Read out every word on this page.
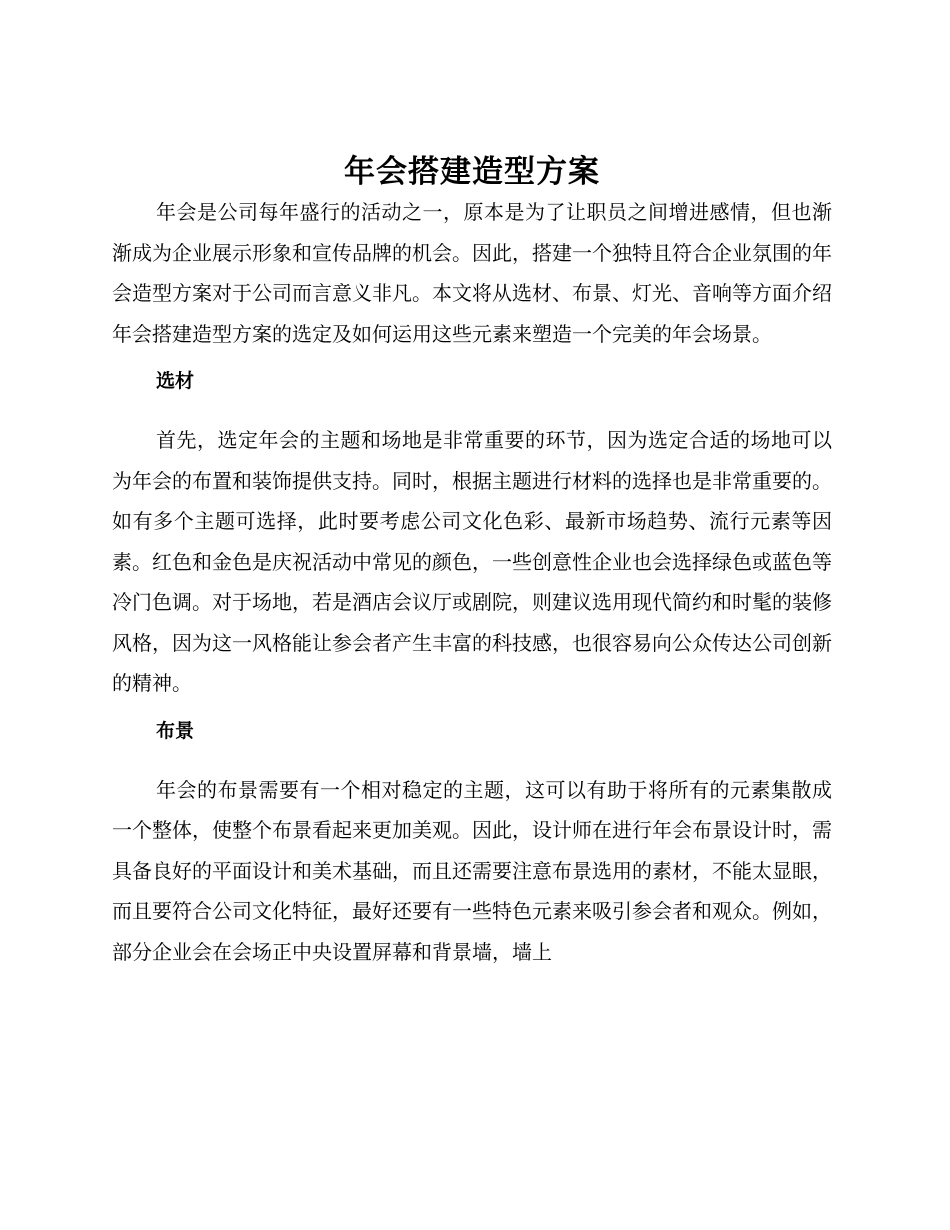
年会搭建造型方案

年会是公司每年盛行的活动之一，原本是为了让职员之间增进感情，但也渐渐成为企业展示形象和宣传品牌的机会。因此，搭建一个独特且符合企业氛围的年会造型方案对于公司而言意义非凡。本文将从选材、布景、灯光、音响等方面介绍年会搭建造型方案的选定及如何运用这些元素来塑造一个完美的年会场景。

选材

首先，选定年会的主题和场地是非常重要的环节，因为选定合适的场地可以为年会的布置和装饰提供支持。同时，根据主题进行材料的选择也是非常重要的。如有多个主题可选择，此时要考虑公司文化色彩、最新市场趋势、流行元素等因素。红色和金色是庆祝活动中常见的颜色，一些创意性企业也会选择绿色或蓝色等冷门色调。对于场地，若是酒店会议厅或剧院，则建议选用现代简约和时髦的装修风格，因为这一风格能让参会者产生丰富的科技感，也很容易向公众传达公司创新的精神。

布景

年会的布景需要有一个相对稳定的主题，这可以有助于将所有的元素集散成一个整体，使整个布景看起来更加美观。因此，设计师在进行年会布景设计时，需具备良好的平面设计和美术基础，而且还需要注意布景选用的素材，不能太显眼，而且要符合公司文化特征，最好还要有一些特色元素来吸引参会者和观众。例如，部分企业会在会场正中央设置屏幕和背景墙，墙上
